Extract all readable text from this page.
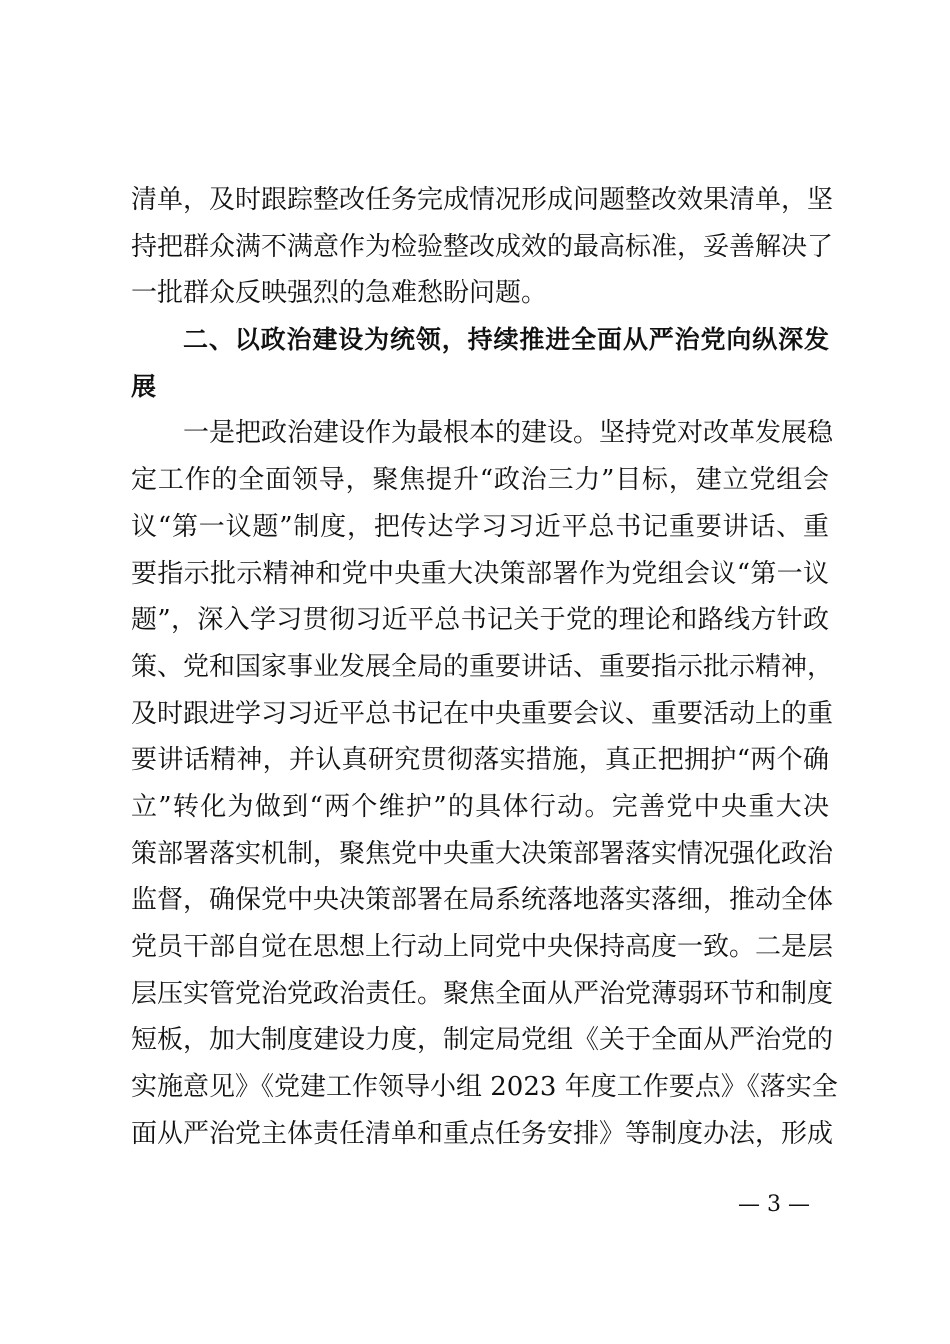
清单，及时跟踪整改任务完成情况形成问题整改效果清单，坚
持把群众满不满意作为检验整改成效的最高标准，妥善解决了
一批群众反映强烈的急难愁盼问题。
二、以政治建设为统领，持续推进全面从严治党向纵深发
展
一是把政治建设作为最根本的建设。坚持党对改革发展稳
定工作的全面领导，聚焦提升“政治三力”目标，建立党组会
议“第一议题”制度，把传达学习习近平总书记重要讲话、重
要指示批示精神和党中央重大决策部署作为党组会议“第一议
题”，深入学习贯彻习近平总书记关于党的理论和路线方针政
策、党和国家事业发展全局的重要讲话、重要指示批示精神，
及时跟进学习习近平总书记在中央重要会议、重要活动上的重
要讲话精神，并认真研究贯彻落实措施，真正把拥护“两个确
立”转化为做到“两个维护”的具体行动。完善党中央重大决
策部署落实机制，聚焦党中央重大决策部署落实情况强化政治
监督，确保党中央决策部署在局系统落地落实落细，推动全体
党员干部自觉在思想上行动上同党中央保持高度一致。二是层
层压实管党治党政治责任。聚焦全面从严治党薄弱环节和制度
短板，加大制度建设力度，制定局党组《关于全面从严治党的
实施意见》《党建工作领导小组 2023 年度工作要点》《落实全
面从严治党主体责任清单和重点任务安排》等制度办法，形成
— 3 —
